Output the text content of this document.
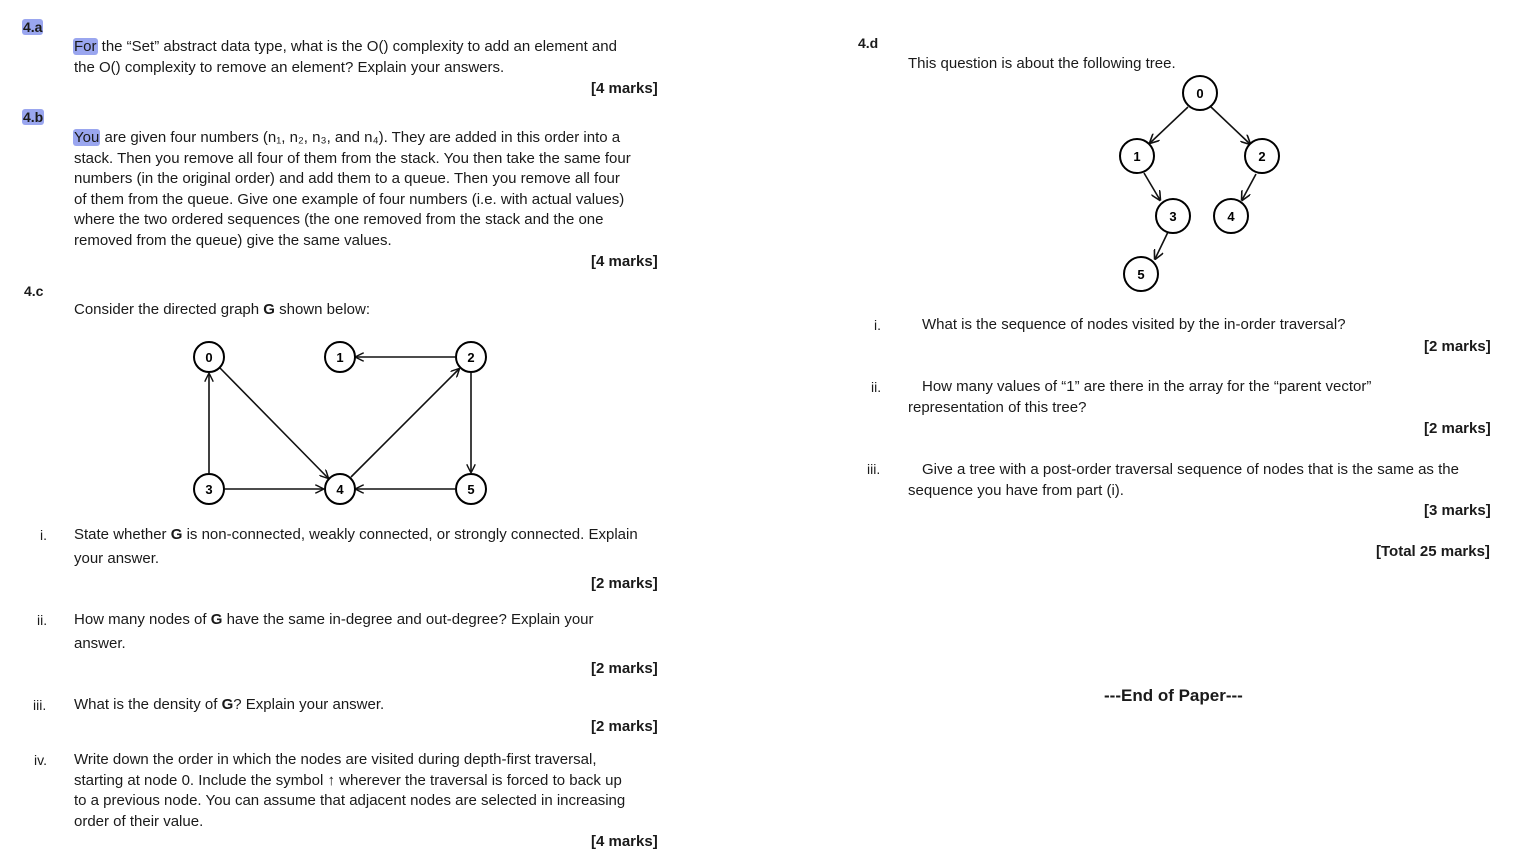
4.a
For the “Set” abstract data type, what is the O() complexity to add an element and
the O() complexity to remove an element? Explain your answers.
[4 marks]
4.b
You are given four numbers (n₁, n₂, n₃, and n₄). They are added in this order into a
stack. Then you remove all four of them from the stack. You then take the same four
numbers (in the original order) and add them to a queue. Then you remove all four
of them from the queue. Give one example of four numbers (i.e. with actual values)
where the two ordered sequences (the one removed from the stack and the one
removed from the queue) give the same values.
[4 marks]
4.c
Consider the directed graph G shown below:
0	1	2
3	4	5
i. State whether G is non-connected, weakly connected, or strongly connected. Explain
your answer.
[2 marks]
ii. How many nodes of G have the same in-degree and out-degree? Explain your
answer.
[2 marks]
iii. What is the density of G? Explain your answer.
[2 marks]
iv. Write down the order in which the nodes are visited during depth-first traversal,
starting at node 0. Include the symbol ↑ wherever the traversal is forced to back up
to a previous node. You can assume that adjacent nodes are selected in increasing
order of their value.
[4 marks]
4.d
This question is about the following tree.
0
1	2
3	4
5
i.	What is the sequence of nodes visited by the in-order traversal?
[2 marks]
ii.	How many values of “1” are there in the array for the “parent vector”
representation of this tree?
[2 marks]
iii.	Give a tree with a post-order traversal sequence of nodes that is the same as the
sequence you have from part (i).
[3 marks]
[Total 25 marks]
---End of Paper---
